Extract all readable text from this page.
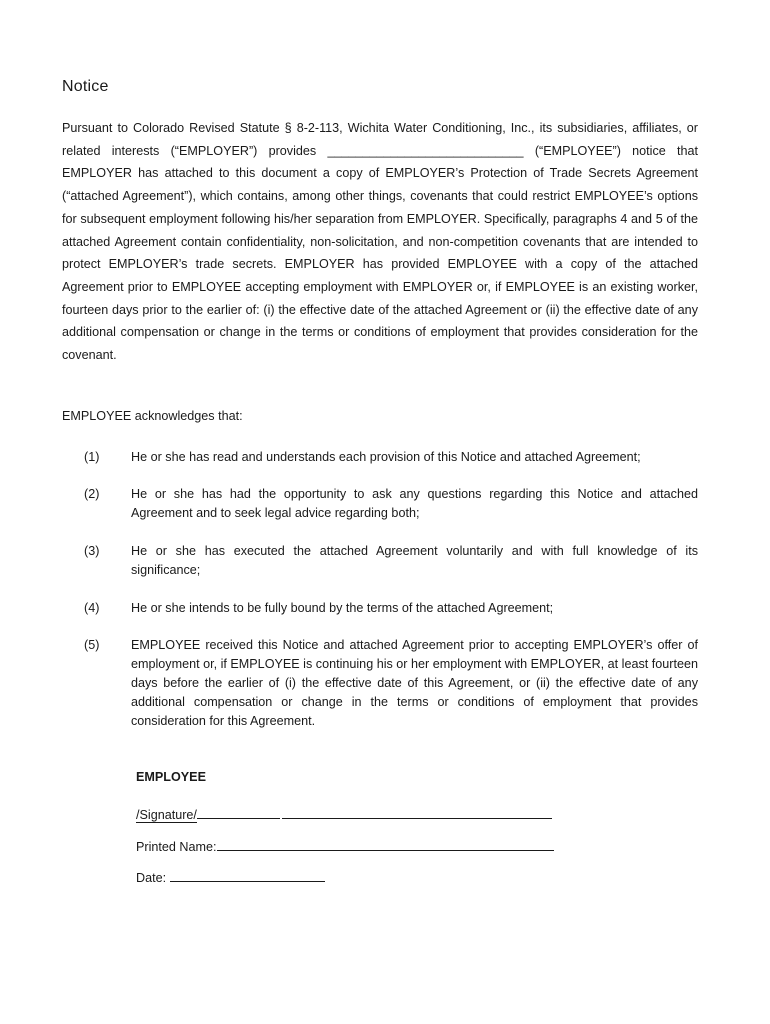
Notice
Pursuant to Colorado Revised Statute § 8-2-113, Wichita Water Conditioning, Inc., its subsidiaries, affiliates, or related interests (“EMPLOYER”) provides ____________________________ (“EMPLOYEE”) notice that EMPLOYER has attached to this document a copy of EMPLOYER’s Protection of Trade Secrets Agreement (“attached Agreement”), which contains, among other things, covenants that could restrict EMPLOYEE’s options for subsequent employment following his/her separation from EMPLOYER. Specifically, paragraphs 4 and 5 of the attached Agreement contain confidentiality, non-solicitation, and non-competition covenants that are intended to protect EMPLOYER’s trade secrets. EMPLOYER has provided EMPLOYEE with a copy of the attached Agreement prior to EMPLOYEE accepting employment with EMPLOYER or, if EMPLOYEE is an existing worker, fourteen days prior to the earlier of: (i) the effective date of the attached Agreement or (ii) the effective date of any additional compensation or change in the terms or conditions of employment that provides consideration for the covenant.
EMPLOYEE acknowledges that:
(1)	He or she has read and understands each provision of this Notice and attached Agreement;
(2)	He or she has had the opportunity to ask any questions regarding this Notice and attached Agreement and to seek legal advice regarding both;
(3)	He or she has executed the attached Agreement voluntarily and with full knowledge of its significance;
(4)	He or she intends to be fully bound by the terms of the attached Agreement;
(5)	EMPLOYEE received this Notice and attached Agreement prior to accepting EMPLOYER’s offer of employment or, if EMPLOYEE is continuing his or her employment with EMPLOYER, at least fourteen days before the earlier of (i) the effective date of this Agreement, or (ii) the effective date of any additional compensation or change in the terms or conditions of employment that provides consideration for this Agreement.
EMPLOYEE
/Signature/
Printed Name:
Date:
